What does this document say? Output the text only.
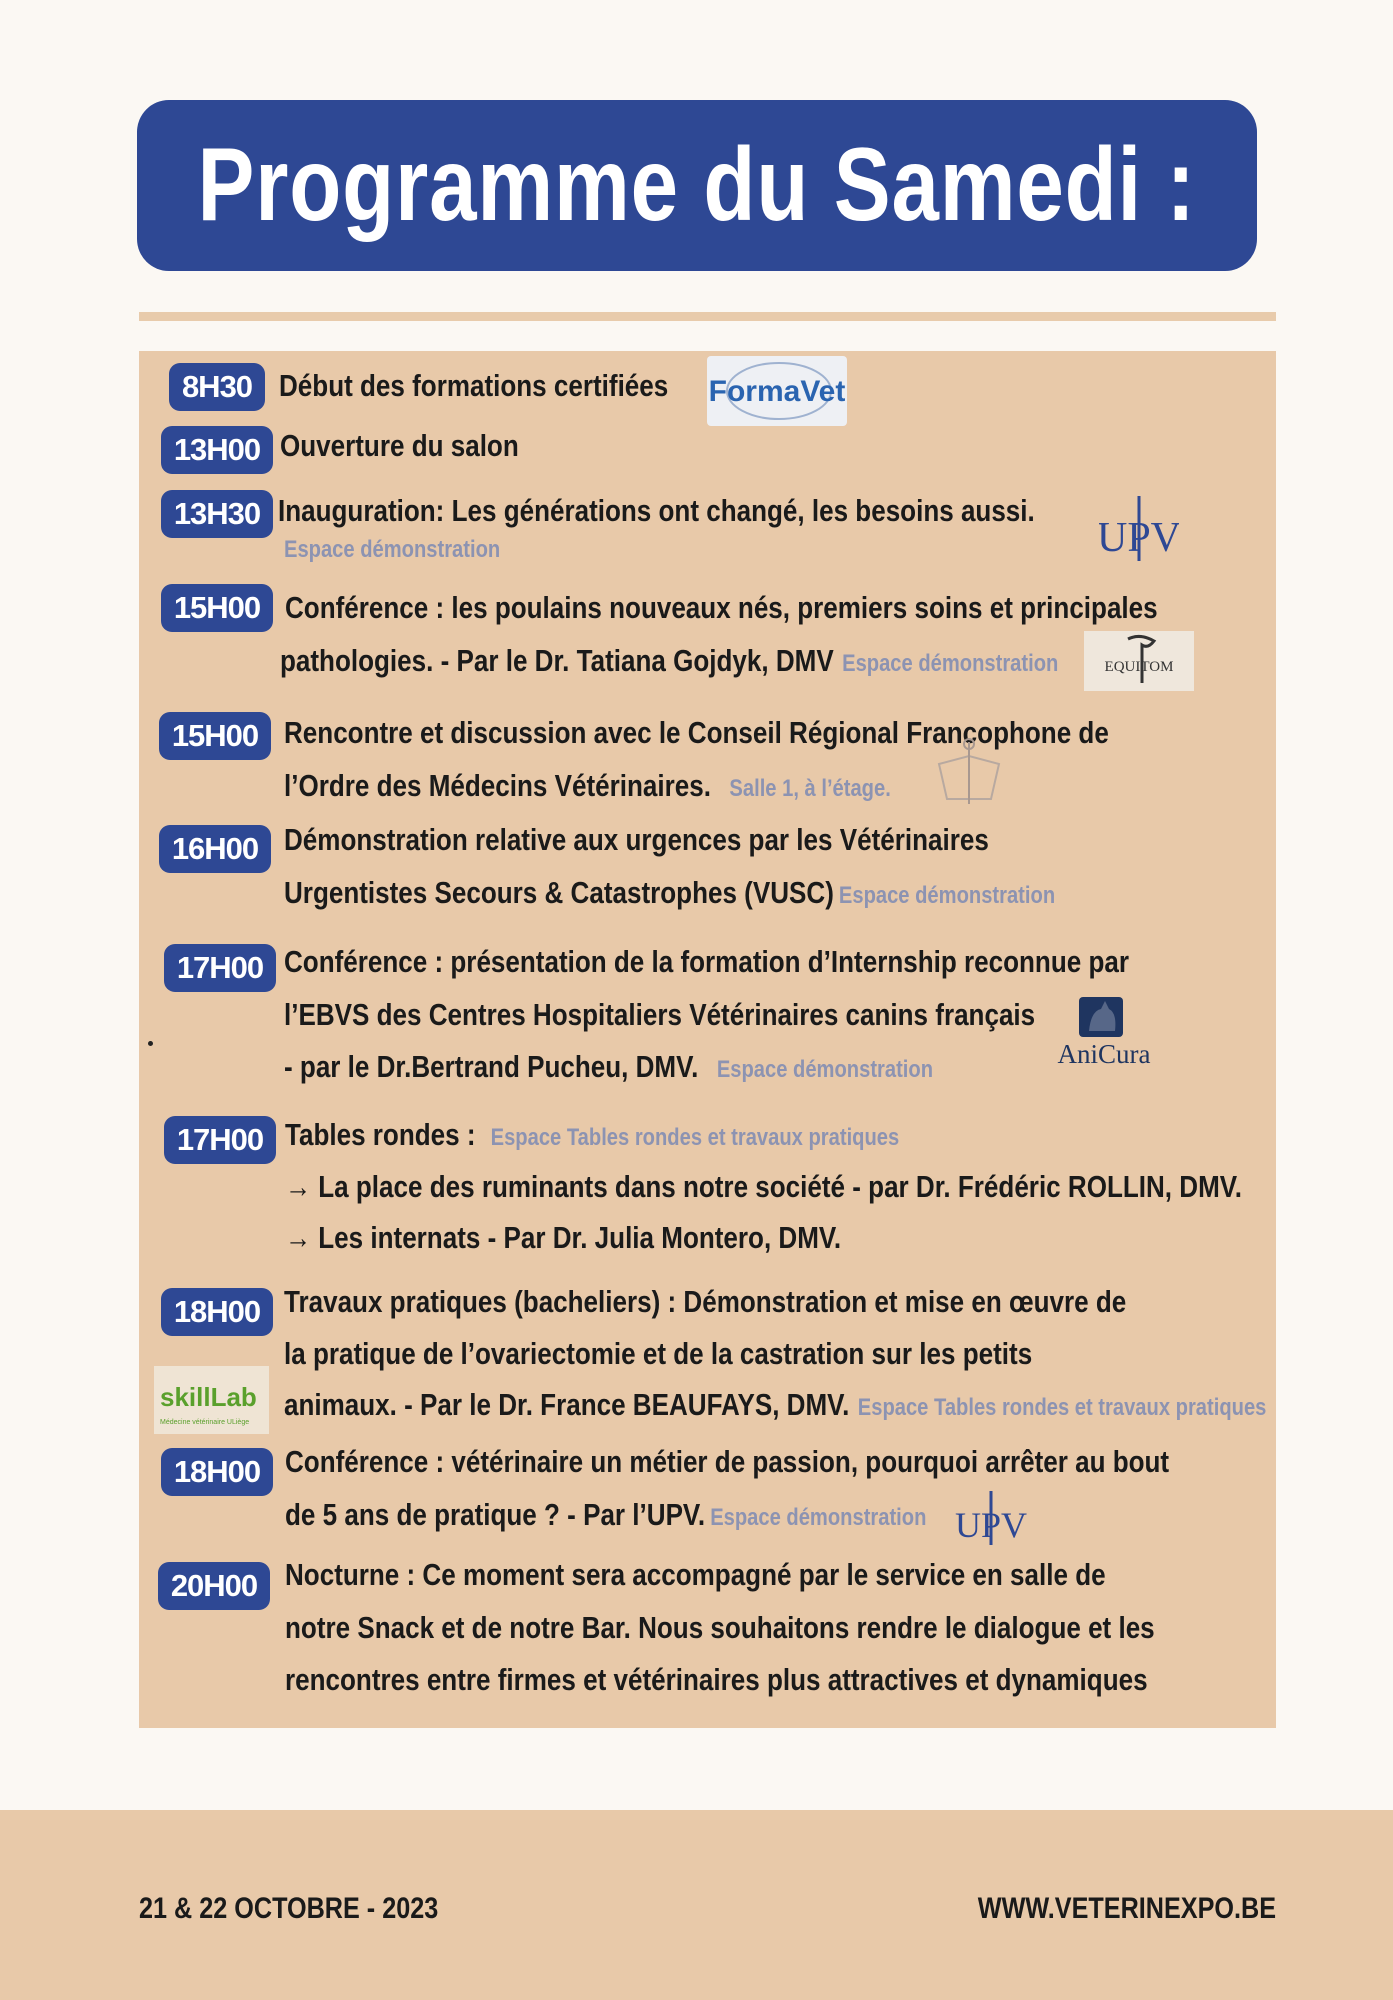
Programme du Samedi :
8H30 Début des formations certifiées FormaVet
13H00 Ouverture du salon
13H30 Inauguration: Les générations ont changé, les besoins aussi.
Espace démonstration	UPV
15H00 Conférence : les poulains nouveaux nés, premiers soins et principales
pathologies. - Par le Dr. Tatiana Gojdyk, DMV Espace démonstration	EQUITOM
15H00 Rencontre et discussion avec le Conseil Régional Francophone de
l’Ordre des Médecins Vétérinaires. Salle 1, à l’étage.
16H00 Démonstration relative aux urgences par les Vétérinaires
Urgentistes Secours & Catastrophes (VUSC) Espace démonstration
17H00 Conférence : présentation de la formation d’Internship reconnue par
l’EBVS des Centres Hospitaliers Vétérinaires canins français
- par le Dr.Bertrand Pucheu, DMV. Espace démonstration
AniCura
17H00 Tables rondes : Espace Tables rondes et travaux pratiques
→ La place des ruminants dans notre société - par Dr. Frédéric ROLLIN, DMV.
→ Les internats - Par Dr. Julia Montero, DMV.
18H00 Travaux pratiques (bacheliers) : Démonstration et mise en œuvre de
la pratique de l’ovariectomie et de la castration sur les petits
animaux. - Par le Dr. France BEAUFAYS, DMV. Espace Tables rondes et travaux pratiques
skillLab
Médecine vétérinaire ULiège
18H00 Conférence : vétérinaire un métier de passion, pourquoi arrêter au bout
de 5 ans de pratique ? - Par l’UPV. Espace démonstration UPV
20H00 Nocturne : Ce moment sera accompagné par le service en salle de
notre Snack et de notre Bar. Nous souhaitons rendre le dialogue et les
rencontres entre firmes et vétérinaires plus attractives et dynamiques
21 & 22 OCTOBRE - 2023	WWW.VETERINEXPO.BE
